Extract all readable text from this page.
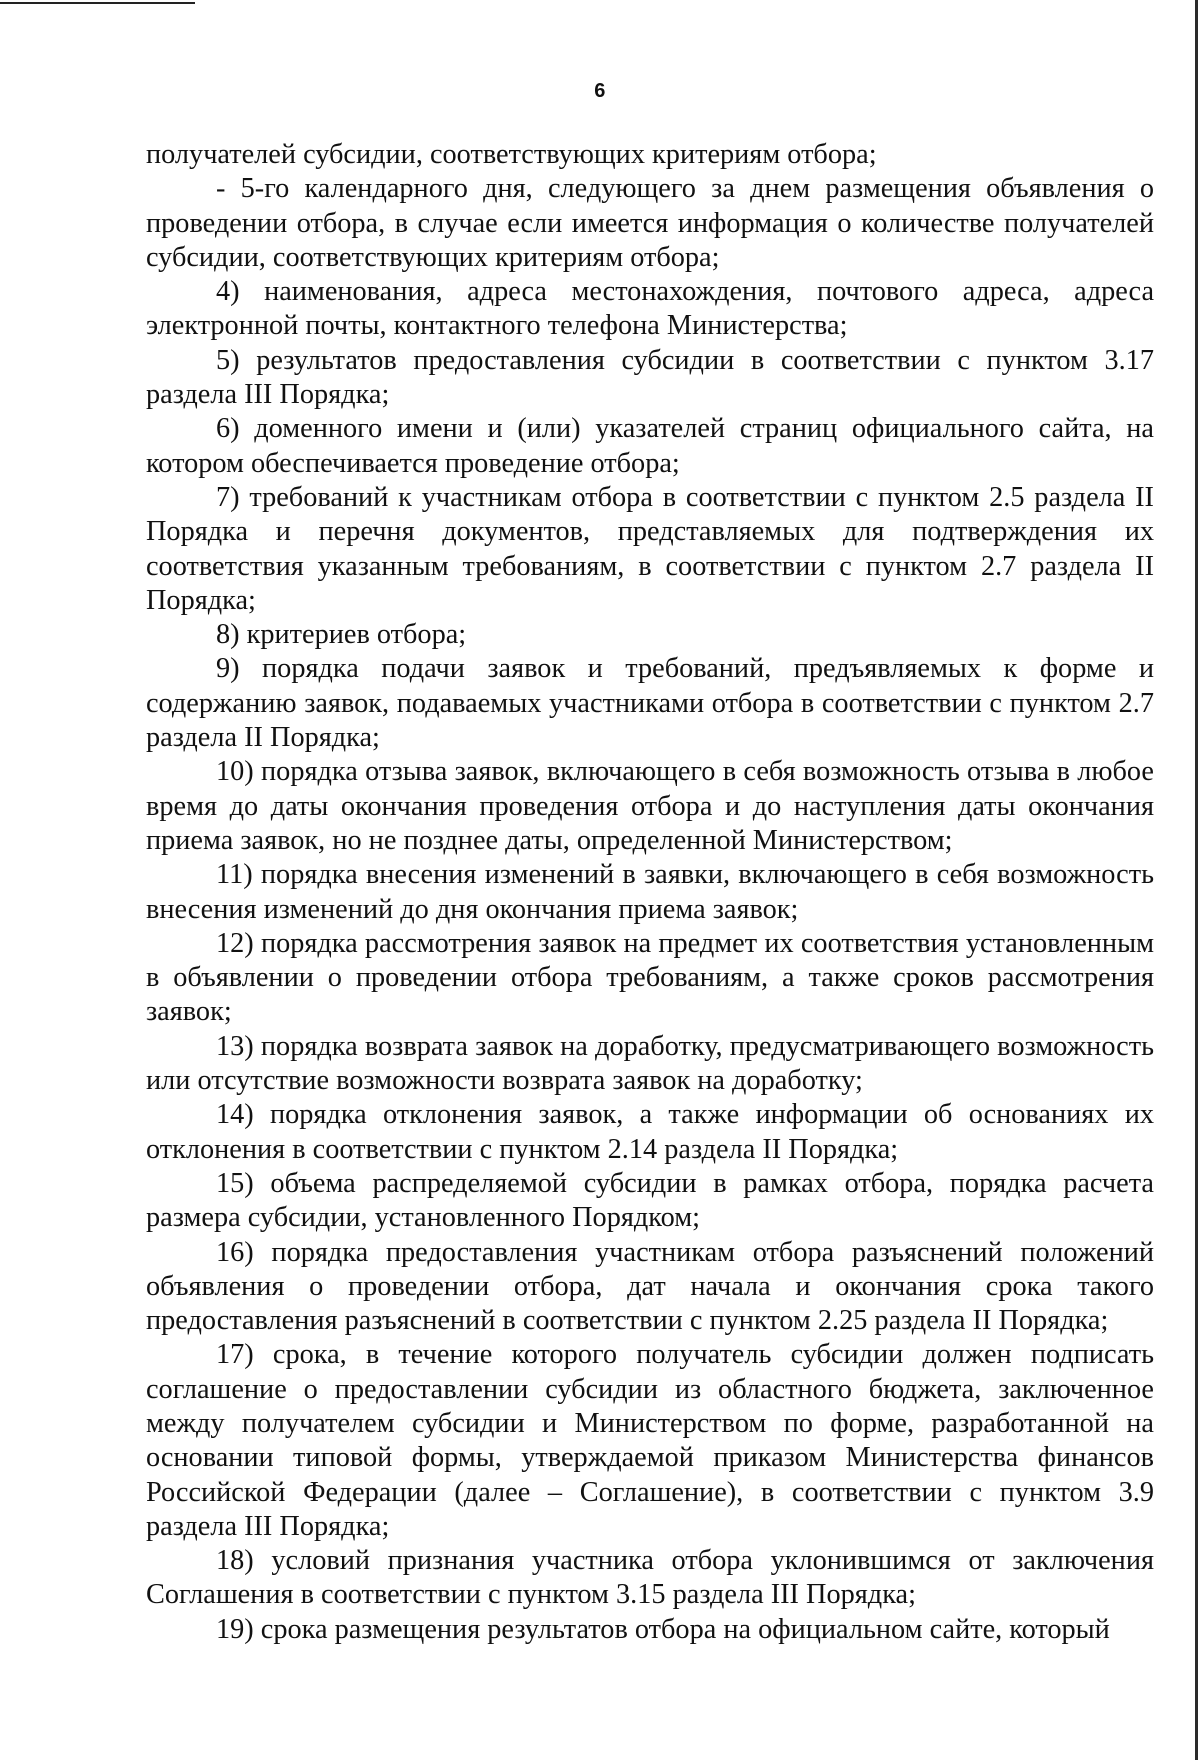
6

получателей субсидии, соответствующих критериям отбора;

- 5-го календарного дня, следующего за днем размещения объявления о проведении отбора, в случае если имеется информация о количестве получателей субсидии, соответствующих критериям отбора;

4) наименования, адреса местонахождения, почтового адреса, адреса электронной почты, контактного телефона Министерства;

5) результатов предоставления субсидии в соответствии с пунктом 3.17 раздела III Порядка;

6) доменного имени и (или) указателей страниц официального сайта, на котором обеспечивается проведение отбора;

7) требований к участникам отбора в соответствии с пунктом 2.5 раздела II Порядка и перечня документов, представляемых для подтверждения их соответствия указанным требованиям, в соответствии с пунктом 2.7 раздела II Порядка;

8) критериев отбора;

9) порядка подачи заявок и требований, предъявляемых к форме и содержанию заявок, подаваемых участниками отбора в соответствии с пунктом 2.7 раздела II Порядка;

10) порядка отзыва заявок, включающего в себя возможность отзыва в любое время до даты окончания проведения отбора и до наступления даты окончания приема заявок, но не позднее даты, определенной Министерством;

11) порядка внесения изменений в заявки, включающего в себя возможность внесения изменений до дня окончания приема заявок;

12) порядка рассмотрения заявок на предмет их соответствия установленным в объявлении о проведении отбора требованиям, а также сроков рассмотрения заявок;

13) порядка возврата заявок на доработку, предусматривающего возможность или отсутствие возможности возврата заявок на доработку;

14) порядка отклонения заявок, а также информации об основаниях их отклонения в соответствии с пунктом 2.14 раздела II Порядка;

15) объема распределяемой субсидии в рамках отбора, порядка расчета размера субсидии, установленного Порядком;

16) порядка предоставления участникам отбора разъяснений положений объявления о проведении отбора, дат начала и окончания срока такого предоставления разъяснений в соответствии с пунктом 2.25 раздела II Порядка;

17) срока, в течение которого получатель субсидии должен подписать соглашение о предоставлении субсидии из областного бюджета, заключенное между получателем субсидии и Министерством по форме, разработанной на основании типовой формы, утверждаемой приказом Министерства финансов Российской Федерации (далее – Соглашение), в соответствии с пунктом 3.9 раздела III Порядка;

18) условий признания участника отбора уклонившимся от заключения Соглашения в соответствии с пунктом 3.15 раздела III Порядка;

19) срока размещения результатов отбора на официальном сайте, который
